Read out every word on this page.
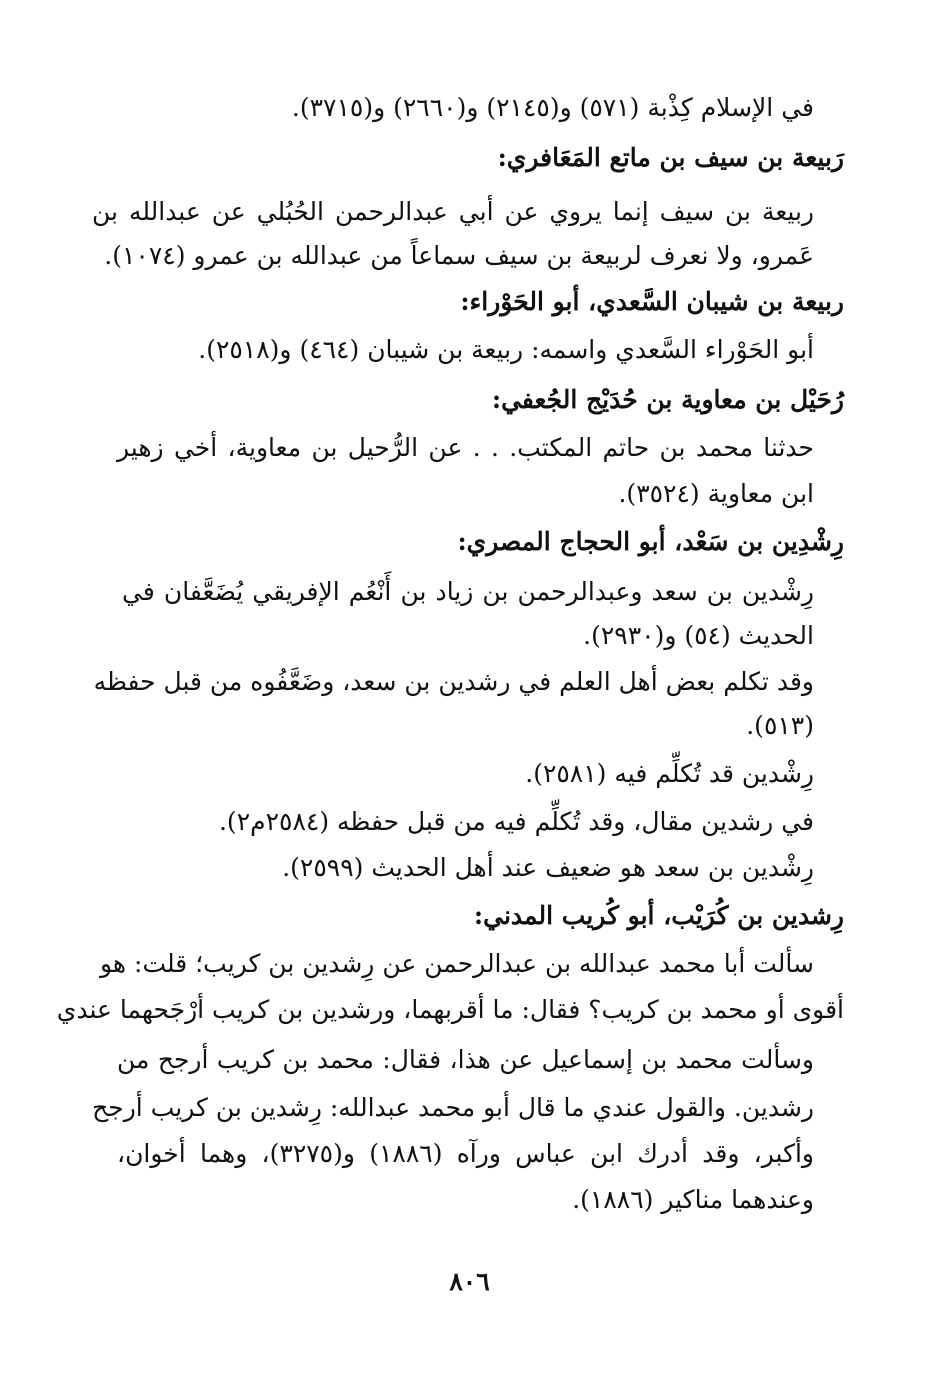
في الإسلام كِذْبة (٥٧١) و(٢١٤٥) و(٢٦٦٠) و(٣٧١٥).
رَبيعة بن سيف بن ماتع المَعَافري:
ربيعة بن سيف إنما يروي عن أبي عبدالرحمن الحُبُلي عن عبدالله بن
عَمرو، ولا نعرف لربيعة بن سيف سماعاً من عبدالله بن عمرو (١٠٧٤).
ربيعة بن شيبان السَّعدي، أبو الحَوْراء:
أبو الحَوْراء السَّعدي واسمه: ربيعة بن شيبان (٤٦٤) و(٢٥١٨).
رُحَيْل بن معاوية بن حُدَيْج الجُعفي:
حدثنا محمد بن حاتم المكتب. . . عن الرُّحيل بن معاوية، أخي زهير
ابن معاوية (٣٥٢٤).
رِشْدِين بن سَعْد، أبو الحجاج المصري:
رِشْدين بن سعد وعبدالرحمن بن زياد بن أَنْعُم الإفريقي يُضَعَّفان في
الحديث (٥٤) و(٢٩٣٠).
وقد تكلم بعض أهل العلم في رشدين بن سعد، وضَعَّفُوه من قبل حفظه
(٥١٣).
رِشْدين قد تُكلِّم فيه (٢٥٨١).
في رشدين مقال، وقد تُكلِّم فيه من قبل حفظه (٢٥٨٤م٢).
رِشْدين بن سعد هو ضعيف عند أهل الحديث (٢٥٩٩).
رِشدين بن كُرَيْب، أبو كُريب المدني:
سألت أبا محمد عبدالله بن عبدالرحمن عن رِشدين بن كريب؛ قلت: هو
أقوى أو محمد بن كريب؟ فقال: ما أقربهما، ورشدين بن كريب أرْجَحهما عندي
وسألت محمد بن إسماعيل عن هذا، فقال: محمد بن كريب أرجح من
رشدين. والقول عندي ما قال أبو محمد عبدالله: رِشدين بن كريب أرجح
وأكبر، وقد أدرك ابن عباس ورآه (١٨٨٦) و(٣٢٧٥)، وهما أخوان،
وعندهما مناكير (١٨٨٦).
٨٠٦
